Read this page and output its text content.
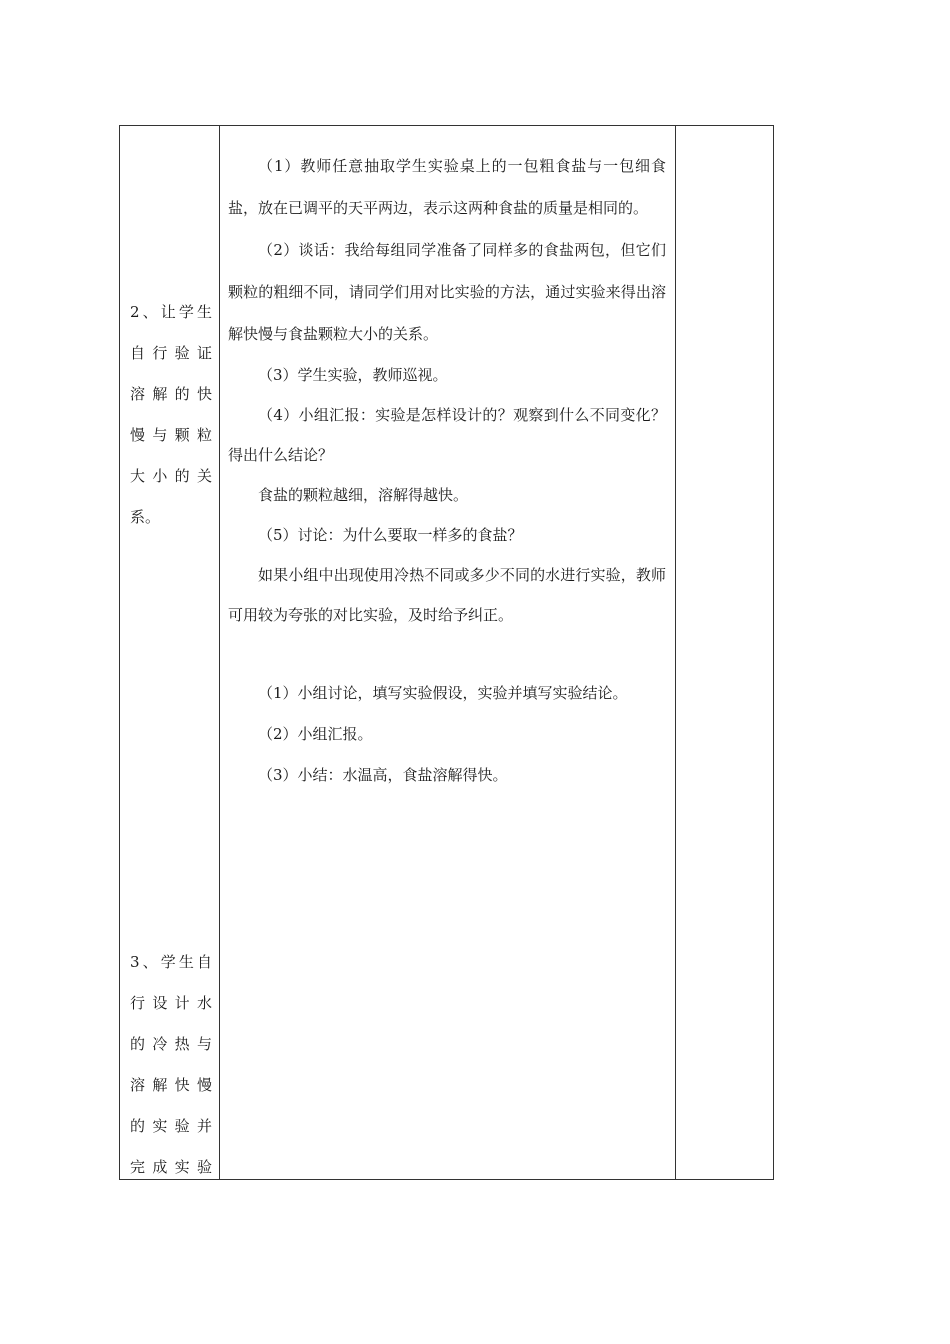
2 、 让 学 生
自 行 验 证
溶 解 的 快
慢 与 颗 粒
大 小 的 关
系。
3 、 学 生 自
行 设 计 水
的 冷 热 与
溶 解 快 慢
的 实 验 并
完 成 实 验

（1）教师任意抽取学生实验桌上的一包粗食盐与一包细食盐，放在已调平的天平两边，表示这两种食盐的质量是相同的。

（2）谈话：我给每组同学准备了同样多的食盐两包，但它们颗粒的粗细不同，请同学们用对比实验的方法，通过实验来得出溶解快慢与食盐颗粒大小的关系。

（3）学生实验，教师巡视。

（4）小组汇报：实验是怎样设计的？观察到什么不同变化？得出什么结论？

食盐的颗粒越细，溶解得越快。

（5）讨论：为什么要取一样多的食盐？

如果小组中出现使用冷热不同或多少不同的水进行实验，教师可用较为夸张的对比实验，及时给予纠正。

（1）小组讨论，填写实验假设，实验并填写实验结论。

（2）小组汇报。

（3）小结：水温高，食盐溶解得快。
